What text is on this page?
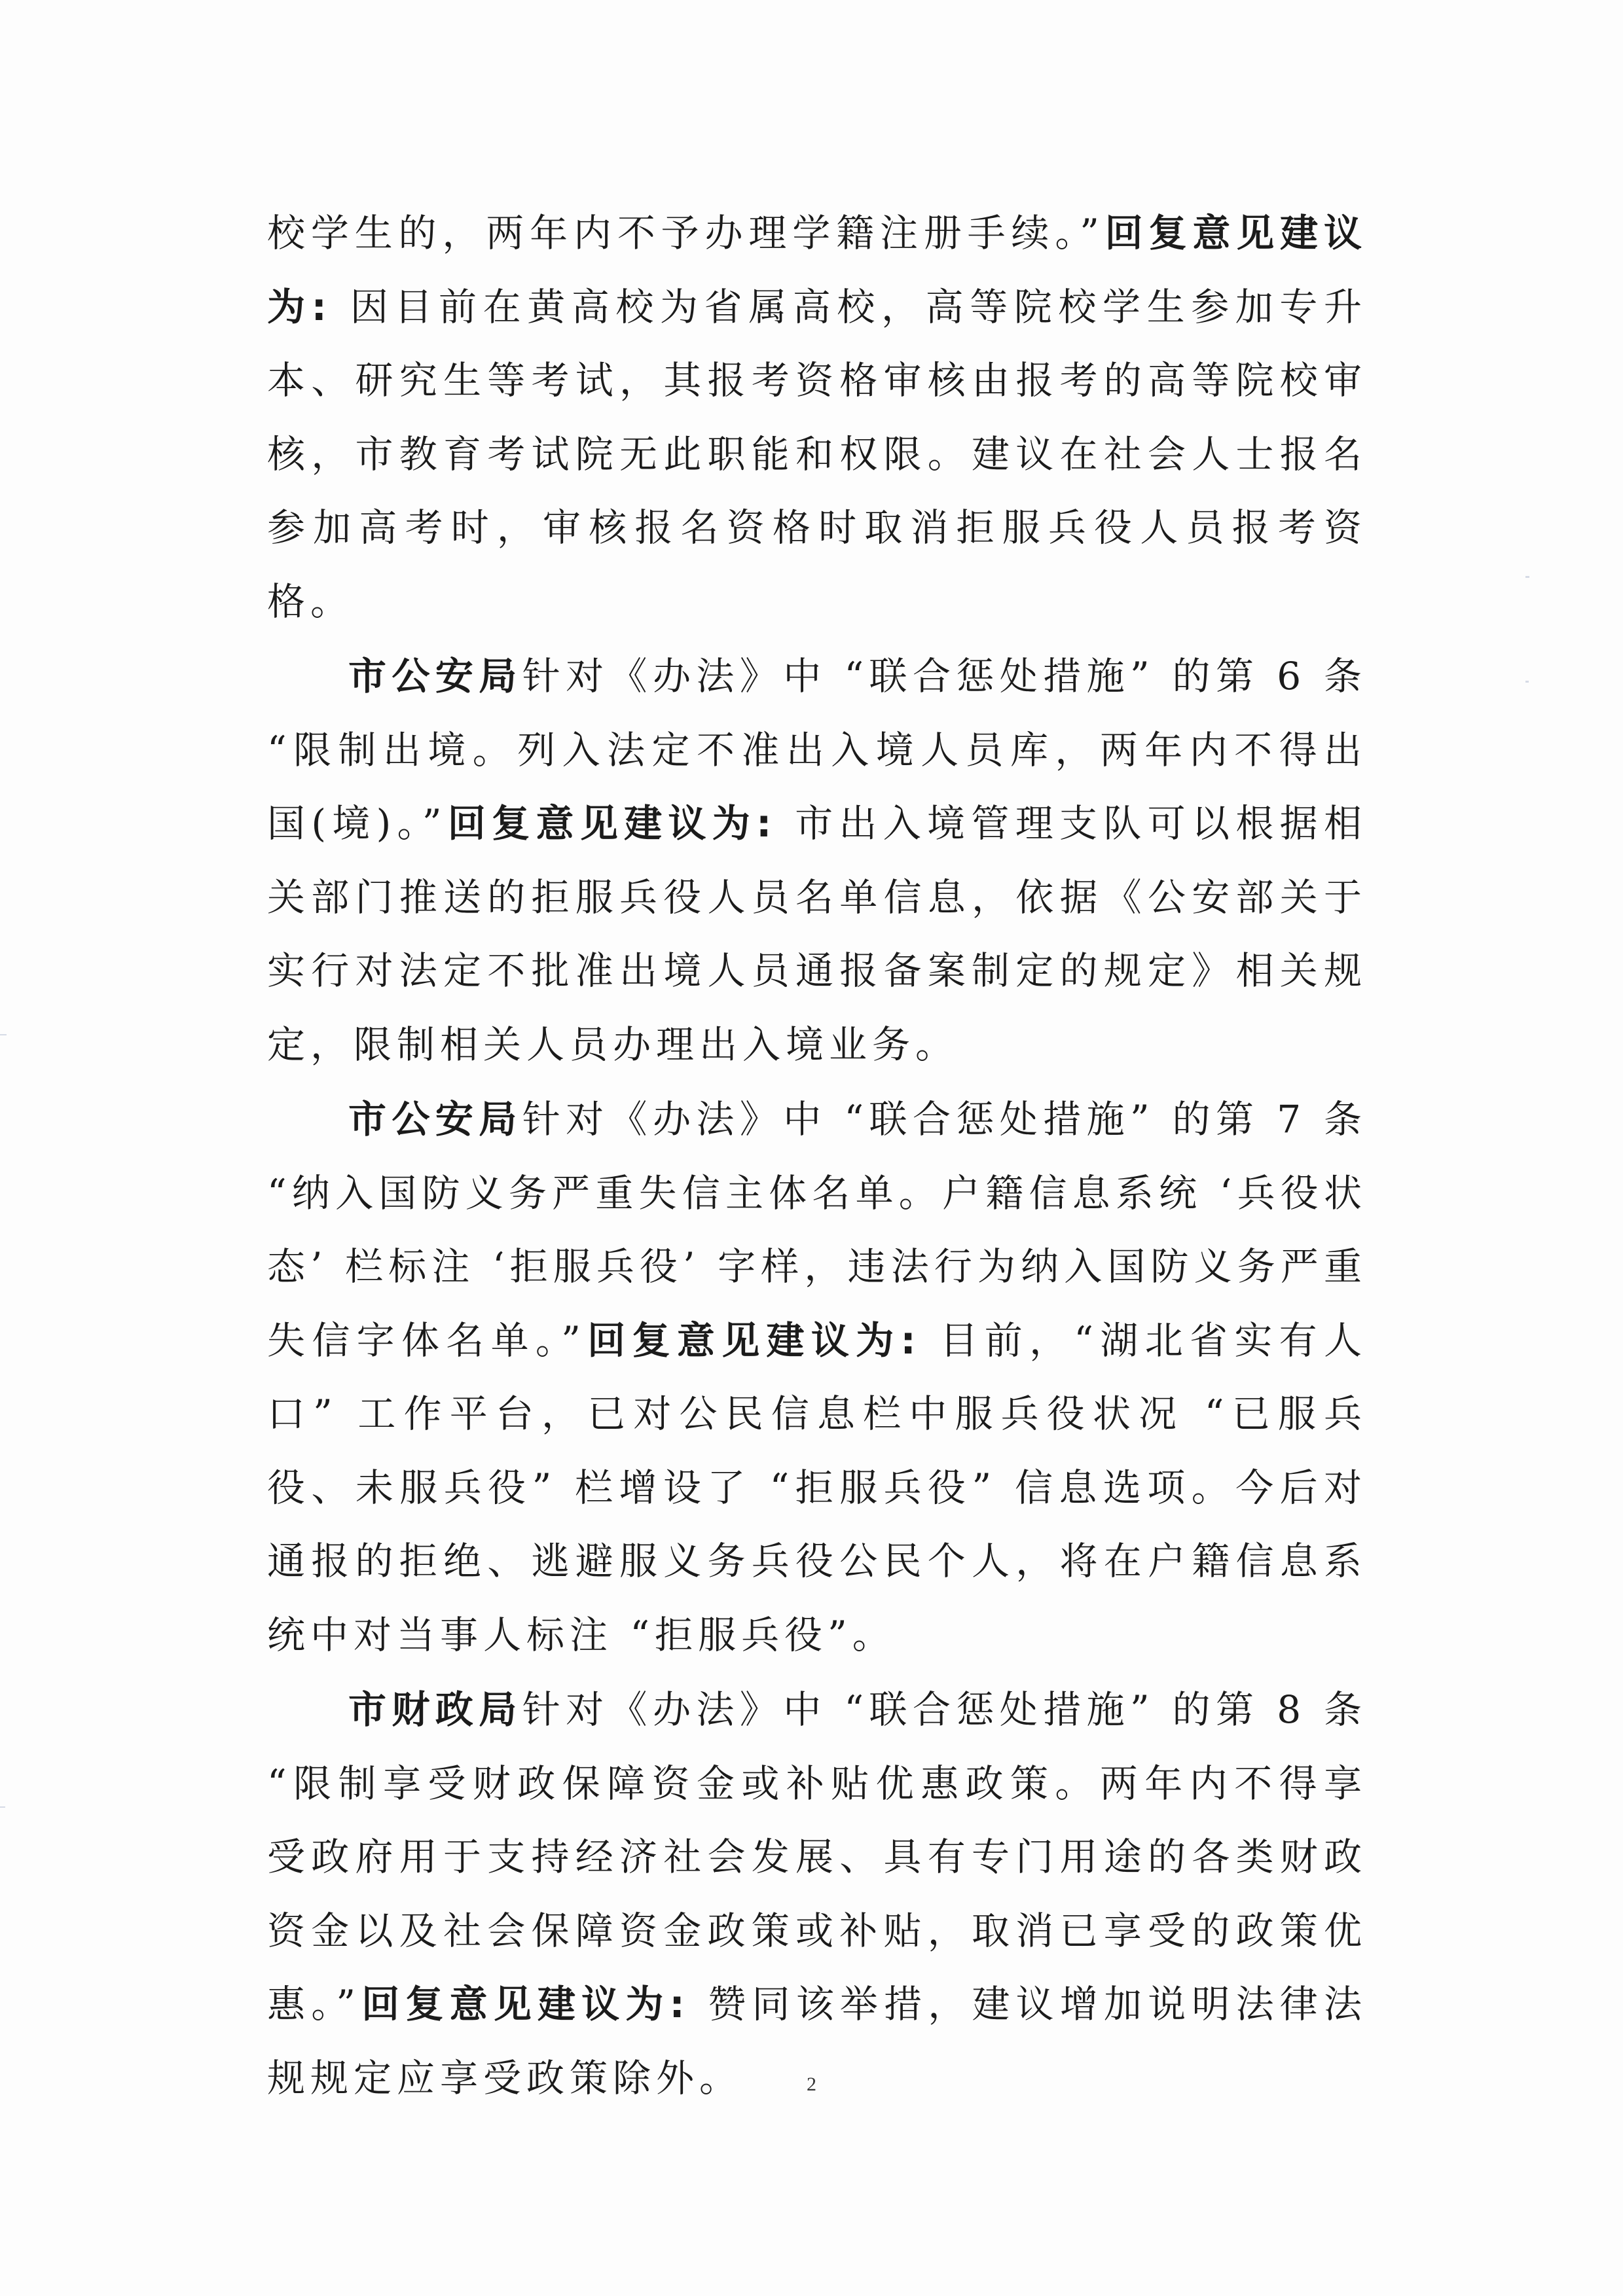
校学生的，两年内不予办理学籍注册手续。”回复意见建议为: 因目前在黄高校为省属高校，高等院校学生参加专升本、研究生等考试，其报考资格审核由报考的高等院校审核，市教育考试院无此职能和权限。建议在社会人士报名参加高考时，审核报名资格时取消拒服兵役人员报考资格。

市公安局针对《办法》中 “联合惩处措施” 的第 6 条 “限制出境。列入法定不准出入境人员库，两年内不得出国(境)。”回复意见建议为: 市出入境管理支队可以根据相关部门推送的拒服兵役人员名单信息，依据《公安部关于实行对法定不批准出境人员通报备案制定的规定》相关规定，限制相关人员办理出入境业务。

市公安局针对《办法》中 “联合惩处措施” 的第 7 条 “纳入国防义务严重失信主体名单。户籍信息系统 ‘兵役状态’ 栏标注 ‘拒服兵役’ 字样，违法行为纳入国防义务严重失信字体名单。”回复意见建议为: 目前，“湖北省实有人口” 工作平台，已对公民信息栏中服兵役状况 “已服兵役、未服兵役” 栏增设了 “拒服兵役” 信息选项。今后对通报的拒绝、逃避服义务兵役公民个人，将在户籍信息系统中对当事人标注 “拒服兵役”。

市财政局针对《办法》中 “联合惩处措施” 的第 8 条 “限制享受财政保障资金或补贴优惠政策。两年内不得享受政府用于支持经济社会发展、具有专门用途的各类财政资金以及社会保障资金政策或补贴，取消已享受的政策优惠。”回复意见建议为: 赞同该举措，建议增加说明法律法规规定应享受政策除外。	2
